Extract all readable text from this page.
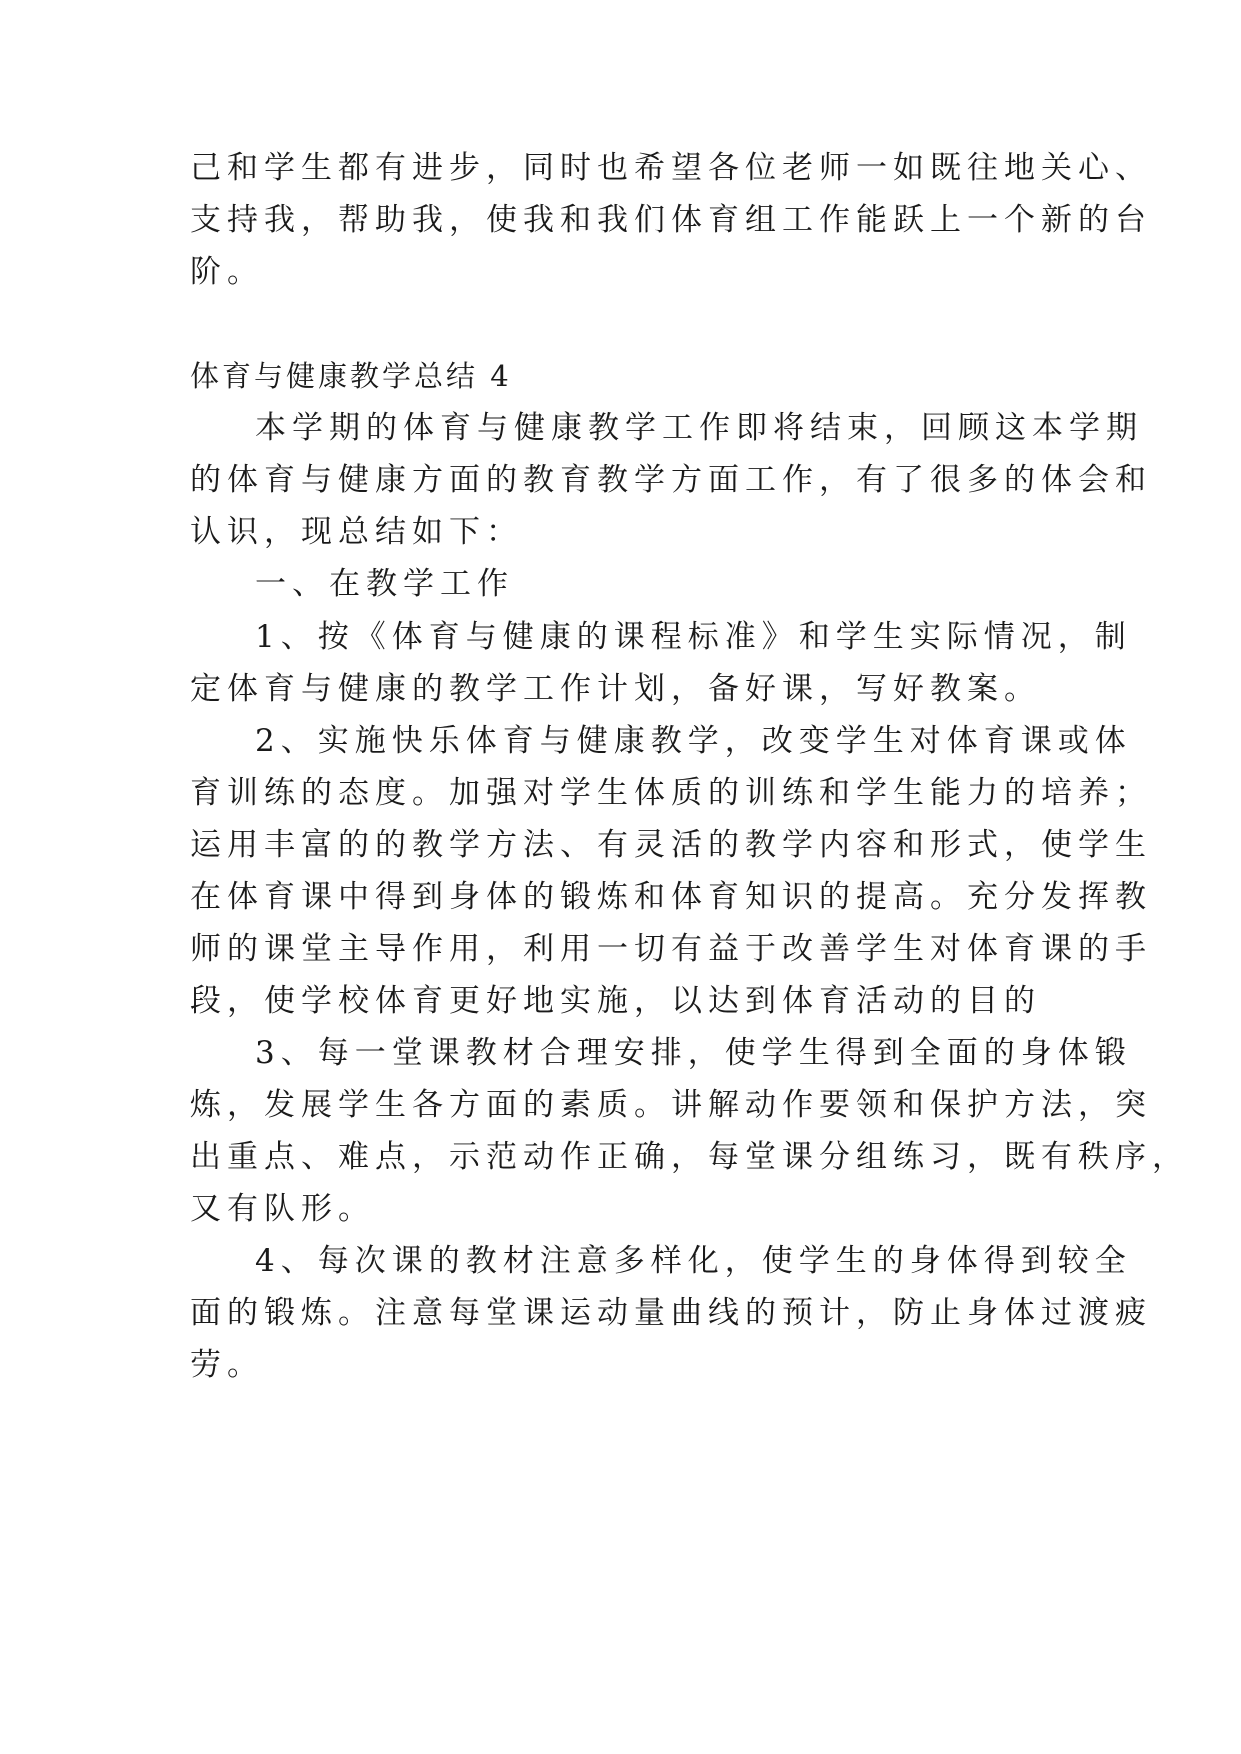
己和学生都有进步，同时也希望各位老师一如既往地关心、
支持我，帮助我，使我和我们体育组工作能跃上一个新的台
阶。
体育与健康教学总结 4
本学期的体育与健康教学工作即将结束，回顾这本学期
的体育与健康方面的教育教学方面工作，有了很多的体会和
认识，现总结如下：
一、在教学工作
1、按《体育与健康的课程标准》和学生实际情况，制
定体育与健康的教学工作计划，备好课，写好教案。
2、实施快乐体育与健康教学，改变学生对体育课或体
育训练的态度。加强对学生体质的训练和学生能力的培养；
运用丰富的的教学方法、有灵活的教学内容和形式，使学生
在体育课中得到身体的锻炼和体育知识的提高。充分发挥教
师的课堂主导作用，利用一切有益于改善学生对体育课的手
段，使学校体育更好地实施，以达到体育活动的目的
3、每一堂课教材合理安排，使学生得到全面的身体锻
炼，发展学生各方面的素质。讲解动作要领和保护方法，突
出重点、难点，示范动作正确，每堂课分组练习，既有秩序，
又有队形。
4、每次课的教材注意多样化，使学生的身体得到较全
面的锻炼。注意每堂课运动量曲线的预计，防止身体过渡疲
劳。
